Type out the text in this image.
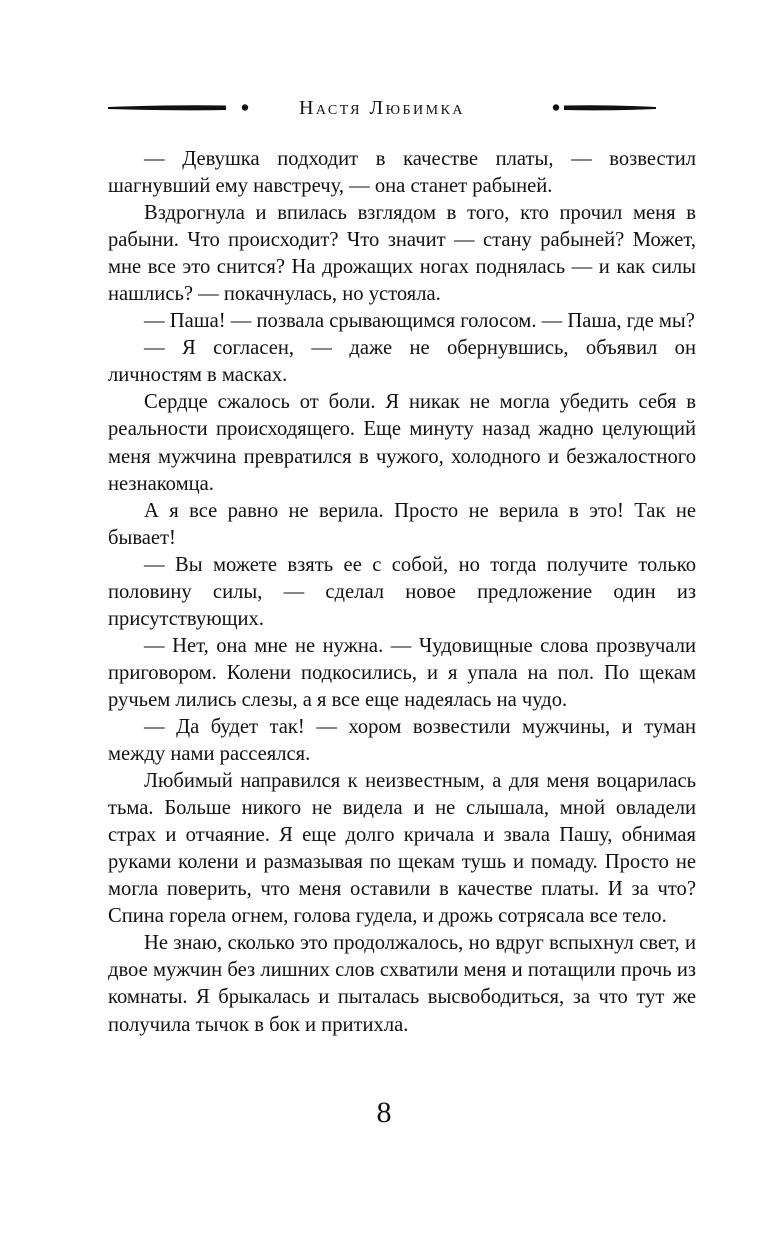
Настя Любимка

— Девушка подходит в качестве платы, — возвестил шагнувший ему навстречу, — она станет рабыней.

Вздрогнула и впилась взглядом в того, кто прочил меня в рабыни. Что происходит? Что значит — стану рабыней? Может, мне все это снится? На дрожащих ногах поднялась — и как силы нашлись? — покачнулась, но устояла.

— Паша! — позвала срывающимся голосом. — Паша, где мы?

— Я согласен, — даже не обернувшись, объявил он личностям в масках.

Сердце сжалось от боли. Я никак не могла убедить себя в реальности происходящего. Еще минуту назад жадно целующий меня мужчина превратился в чужого, холодного и безжалостного незнакомца.

А я все равно не верила. Просто не верила в это! Так не бывает!

— Вы можете взять ее с собой, но тогда получите только половину силы, — сделал новое предложение один из присутствующих.

— Нет, она мне не нужна. — Чудовищные слова прозвучали приговором. Колени подкосились, и я упала на пол. По щекам ручьем лились слезы, а я все еще надеялась на чудо.

— Да будет так! — хором возвестили мужчины, и туман между нами рассеялся.

Любимый направился к неизвестным, а для меня воцарилась тьма. Больше никого не видела и не слышала, мной овладели страх и отчаяние. Я еще долго кричала и звала Пашу, обнимая руками колени и размазывая по щекам тушь и помаду. Просто не могла поверить, что меня оставили в качестве платы. И за что? Спина горела огнем, голова гудела, и дрожь сотрясала все тело.

Не знаю, сколько это продолжалось, но вдруг вспыхнул свет, и двое мужчин без лишних слов схватили меня и потащили прочь из комнаты. Я брыкалась и пыталась высвободиться, за что тут же получила тычок в бок и притихла.

8
